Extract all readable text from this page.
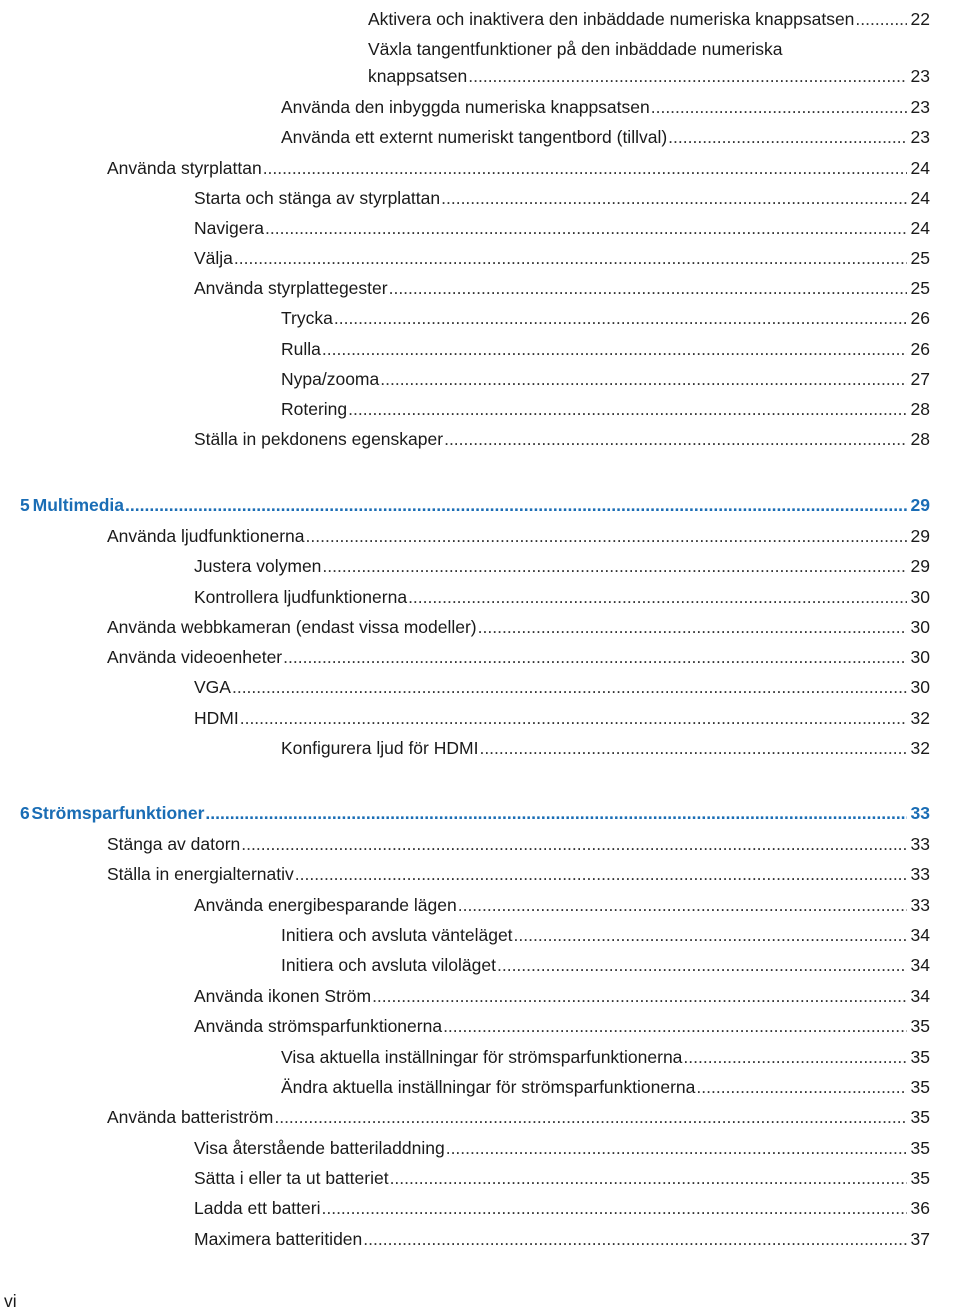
Aktivera och inaktivera den inbäddade numeriska knappsatsen .....	22
Växla tangentfunktioner på den inbäddade numeriska
knappsatsen .....	23
Använda den inbyggda numeriska knappsatsen .....	23
Använda ett externt numeriskt tangentbord (tillval) .....	23
Använda styrplattan .....	24
Starta och stänga av styrplattan .....	24
Navigera .....	24
Välja .....	25
Använda styrplattegester .....	25
Trycka .....	26
Rulla .....	26
Nypa/zooma .....	27
Rotering .....	28
Ställa in pekdonens egenskaper .....	28
5 Multimedia .....	29
Använda ljudfunktionerna .....	29
Justera volymen .....	29
Kontrollera ljudfunktionerna .....	30
Använda webbkameran (endast vissa modeller) .....	30
Använda videoenheter .....	30
VGA .....	30
HDMI .....	32
Konfigurera ljud för HDMI .....	32
6 Strömsparfunktioner .....	33
Stänga av datorn .....	33
Ställa in energialternativ .....	33
Använda energibesparande lägen .....	33
Initiera och avsluta vänteläget .....	34
Initiera och avsluta viloläget .....	34
Använda ikonen Ström .....	34
Använda strömsparfunktionerna .....	35
Visa aktuella inställningar för strömsparfunktionerna .....	35
Ändra aktuella inställningar för strömsparfunktionerna .....	35
Använda batteriström .....	35
Visa återstående batteriladdning .....	35
Sätta i eller ta ut batteriet .....	35
Ladda ett batteri .....	36
Maximera batteritiden .....	37
vi
